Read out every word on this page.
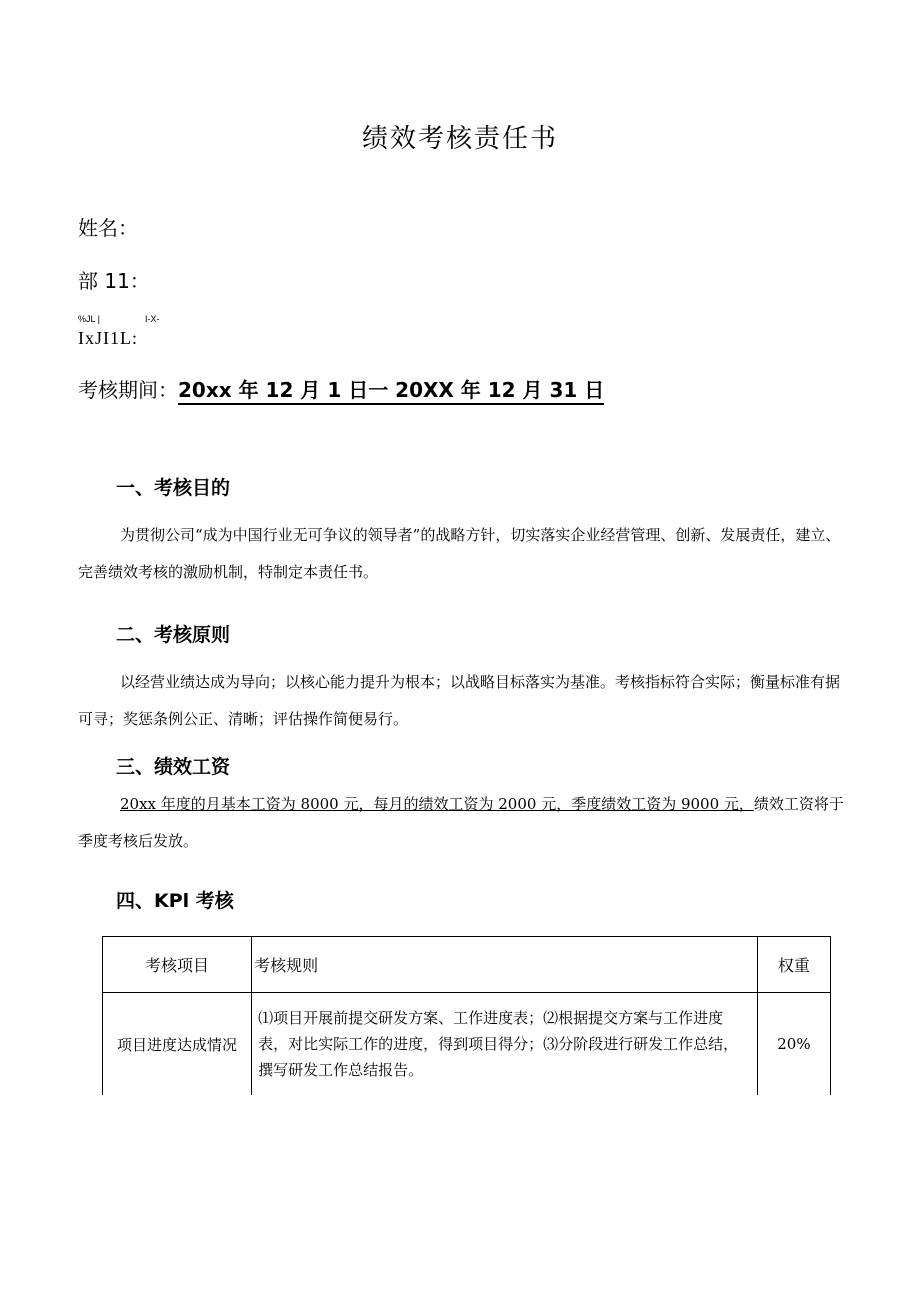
绩效考核责任书
姓名：
部 11：
%JL |	I-X-
IxJI1L:
考核期间：20xx 年 12 月 1 日一 20XX 年 12 月 31 日
一、考核目的

为贯彻公司“成为中国行业无可争议的领导者”的战略方针，切实落实企业经营管理、创新、发展责任，建立、完善绩效考核的激励机制，特制定本责任书。

二、考核原则

以经营业绩达成为导向；以核心能力提升为根本；以战略目标落实为基准。考核指标符合实际；衡量标准有据可寻；奖惩条例公正、清晰；评估操作简便易行。

三、绩效工资

20xx 年度的月基本工资为 8000 元，每月的绩效工资为 2000 元，季度绩效工资为 9000 元，绩效工资将于季度考核后发放。

四、KPl 考核
考核项目	考核规则	权重
项目进度达成情况	⑴项目开展前提交研发方案、工作进度表；⑵根据提交方案与工作进度表，对比实际工作的进度，得到项目得分；⑶分阶段进行研发工作总结，撰写研发工作总结报告。	20%
